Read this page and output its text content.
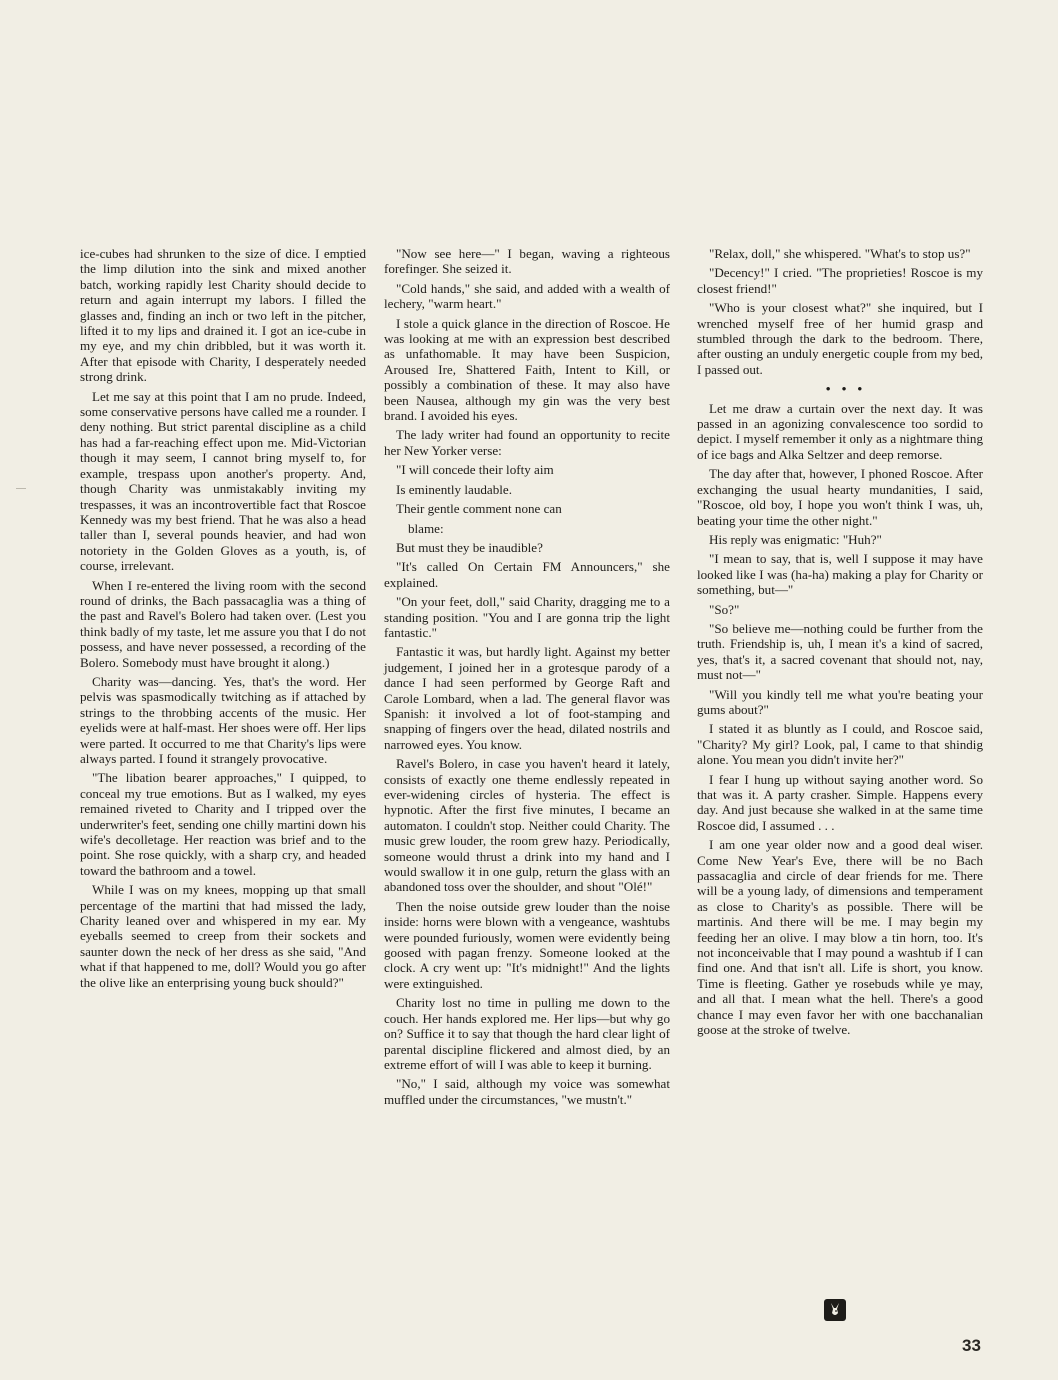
ice-cubes had shrunken to the size of dice. I emptied the limp dilution into the sink and mixed another batch, working rapidly lest Charity should decide to return and again interrupt my labors. I filled the glasses and, finding an inch or two left in the pitcher, lifted it to my lips and drained it. I got an ice-cube in my eye, and my chin dribbled, but it was worth it. After that episode with Charity, I desperately needed strong drink.

Let me say at this point that I am no prude. Indeed, some conservative persons have called me a rounder. I deny nothing. But strict parental discipline as a child has had a far-reaching effect upon me. Mid-Victorian though it may seem, I cannot bring myself to, for example, trespass upon another's property. And, though Charity was unmistakably inviting my trespasses, it was an incontrovertible fact that Roscoe Kennedy was my best friend. That he was also a head taller than I, several pounds heavier, and had won notoriety in the Golden Gloves as a youth, is, of course, irrelevant.

When I re-entered the living room with the second round of drinks, the Bach passacaglia was a thing of the past and Ravel's Bolero had taken over. (Lest you think badly of my taste, let me assure you that I do not possess, and have never possessed, a recording of the Bolero. Somebody must have brought it along.)

Charity was—dancing. Yes, that's the word. Her pelvis was spasmodically twitching as if attached by strings to the throbbing accents of the music. Her eyelids were at half-mast. Her shoes were off. Her lips were parted. It occurred to me that Charity's lips were always parted. I found it strangely provocative.

"The libation bearer approaches," I quipped, to conceal my true emotions. But as I walked, my eyes remained riveted to Charity and I tripped over the underwriter's feet, sending one chilly martini down his wife's decolletage. Her reaction was brief and to the point. She rose quickly, with a sharp cry, and headed toward the bathroom and a towel.

While I was on my knees, mopping up that small percentage of the martini that had missed the lady, Charity leaned over and whispered in my ear. My eyeballs seemed to creep from their sockets and saunter down the neck of her dress as she said, "And what if that happened to me, doll? Would you go after the olive like an enterprising young buck should?"

"Now see here—" I began, waving a righteous forefinger. She seized it.

"Cold hands," she said, and added with a wealth of lechery, "warm heart."

I stole a quick glance in the direction of Roscoe. He was looking at me with an expression best described as unfathomable. It may have been Suspicion, Aroused Ire, Shattered Faith, Intent to Kill, or possibly a combination of these. It may also have been Nausea, although my gin was the very best brand. I avoided his eyes.

The lady writer had found an opportunity to recite her New Yorker verse:

"I will concede their lofty aim

Is eminently laudable.

Their gentle comment none can

blame:

But must they be inaudible?

"It's called On Certain FM Announcers," she explained.

"On your feet, doll," said Charity, dragging me to a standing position. "You and I are gonna trip the light fantastic."

Fantastic it was, but hardly light. Against my better judgement, I joined her in a grotesque parody of a dance I had seen performed by George Raft and Carole Lombard, when a lad. The general flavor was Spanish: it involved a lot of foot-stamping and snapping of fingers over the head, dilated nostrils and narrowed eyes. You know.

Ravel's Bolero, in case you haven't heard it lately, consists of exactly one theme endlessly repeated in ever-widening circles of hysteria. The effect is hypnotic. After the first five minutes, I became an automaton. I couldn't stop. Neither could Charity. The music grew louder, the room grew hazy. Periodically, someone would thrust a drink into my hand and I would swallow it in one gulp, return the glass with an abandoned toss over the shoulder, and shout "Olé!"

Then the noise outside grew louder than the noise inside: horns were blown with a vengeance, washtubs were pounded furiously, women were evidently being goosed with pagan frenzy. Someone looked at the clock. A cry went up: "It's midnight!" And the lights were extinguished.

Charity lost no time in pulling me down to the couch. Her hands explored me. Her lips—but why go on? Suffice it to say that though the hard clear light of parental discipline flickered and almost died, by an extreme effort of will I was able to keep it burning.

"No," I said, although my voice was somewhat muffled under the circumstances, "we mustn't."

"Relax, doll," she whispered. "What's to stop us?"

"Decency!" I cried. "The proprieties! Roscoe is my closest friend!"

"Who is your closest what?" she inquired, but I wrenched myself free of her humid grasp and stumbled through the dark to the bedroom. There, after ousting an unduly energetic couple from my bed, I passed out.

• • •

Let me draw a curtain over the next day. It was passed in an agonizing convalescence too sordid to depict. I myself remember it only as a nightmare thing of ice bags and Alka Seltzer and deep remorse.

The day after that, however, I phoned Roscoe. After exchanging the usual hearty mundanities, I said, "Roscoe, old boy, I hope you won't think I was, uh, beating your time the other night."

His reply was enigmatic: "Huh?"

"I mean to say, that is, well I suppose it may have looked like I was (ha-ha) making a play for Charity or something, but—"

"So?"

"So believe me—nothing could be further from the truth. Friendship is, uh, I mean it's a kind of sacred, yes, that's it, a sacred covenant that should not, nay, must not—"

"Will you kindly tell me what you're beating your gums about?"

I stated it as bluntly as I could, and Roscoe said, "Charity? My girl? Look, pal, I came to that shindig alone. You mean you didn't invite her?"

I fear I hung up without saying another word. So that was it. A party crasher. Simple. Happens every day. And just because she walked in at the same time Roscoe did, I assumed . . .

I am one year older now and a good deal wiser. Come New Year's Eve, there will be no Bach passacaglia and circle of dear friends for me. There will be a young lady, of dimensions and temperament as close to Charity's as possible. There will be martinis. And there will be me. I may begin my feeding her an olive. I may blow a tin horn, too. It's not inconceivable that I may pound a washtub if I can find one. And that isn't all. Life is short, you know. Time is fleeting. Gather ye rosebuds while ye may, and all that. I mean what the hell. There's a good chance I may even favor her with one bacchanalian goose at the stroke of twelve.

33
